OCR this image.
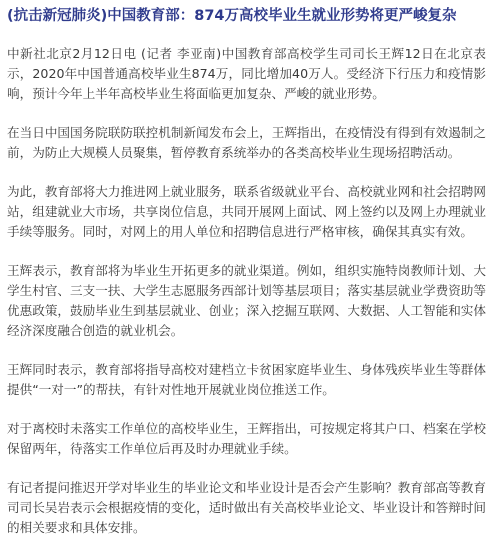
(抗击新冠肺炎)中国教育部：874万高校毕业生就业形势将更严峻复杂

中新社北京2月12日电 (记者 李亚南)中国教育部高校学生司司长王辉12日在北京表示，2020年中国普通高校毕业生874万，同比增加40万人。受经济下行压力和疫情影响，预计今年上半年高校毕业生将面临更加复杂、严峻的就业形势。

在当日中国国务院联防联控机制新闻发布会上，王辉指出，在疫情没有得到有效遏制之前，为防止大规模人员聚集，暂停教育系统举办的各类高校毕业生现场招聘活动。

为此，教育部将大力推进网上就业服务，联系省级就业平台、高校就业网和社会招聘网站，组建就业大市场，共享岗位信息，共同开展网上面试、网上签约以及网上办理就业手续等服务。同时，对网上的用人单位和招聘信息进行严格审核，确保其真实有效。

王辉表示，教育部将为毕业生开拓更多的就业渠道。例如，组织实施特岗教师计划、大学生村官、三支一扶、大学生志愿服务西部计划等基层项目；落实基层就业学费资助等优惠政策，鼓励毕业生到基层就业、创业；深入挖掘互联网、大数据、人工智能和实体经济深度融合创造的就业机会。

王辉同时表示，教育部将指导高校对建档立卡贫困家庭毕业生、身体残疾毕业生等群体提供“一对一”的帮扶，有针对性地开展就业岗位推送工作。

对于离校时未落实工作单位的高校毕业生，王辉指出，可按规定将其户口、档案在学校保留两年，待落实工作单位后再及时办理就业手续。

有记者提问推迟开学对毕业生的毕业论文和毕业设计是否会产生影响？教育部高等教育司司长吴岩表示会根据疫情的变化，适时做出有关高校毕业论文、毕业设计和答辩时间的相关要求和具体安排。
